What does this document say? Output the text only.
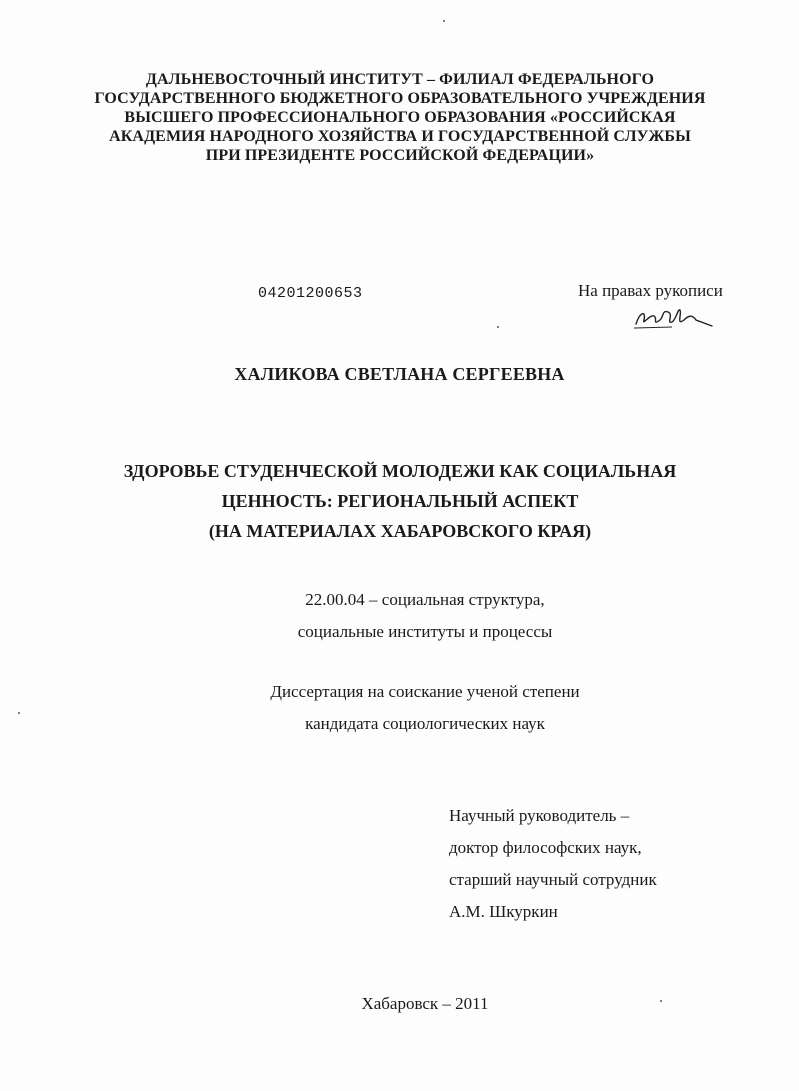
ДАЛЬНЕВОСТОЧНЫЙ ИНСТИТУТ – ФИЛИАЛ ФЕДЕРАЛЬНОГО
ГОСУДАРСТВЕННОГО БЮДЖЕТНОГО ОБРАЗОВАТЕЛЬНОГО УЧРЕЖДЕНИЯ
ВЫСШЕГО ПРОФЕССИОНАЛЬНОГО ОБРАЗОВАНИЯ «РОССИЙСКАЯ
АКАДЕМИЯ НАРОДНОГО ХОЗЯЙСТВА И ГОСУДАРСТВЕННОЙ СЛУЖБЫ
ПРИ ПРЕЗИДЕНТЕ РОССИЙСКОЙ ФЕДЕРАЦИИ»
04201200653	На правах рукописи
ХАЛИКОВА СВЕТЛАНА СЕРГЕЕВНА
ЗДОРОВЬЕ СТУДЕНЧЕСКОЙ МОЛОДЕЖИ КАК СОЦИАЛЬНАЯ
ЦЕННОСТЬ: РЕГИОНАЛЬНЫЙ АСПЕКТ
(НА МАТЕРИАЛАХ ХАБАРОВСКОГО КРАЯ)
22.00.04 – социальная структура,
социальные институты и процессы
Диссертация на соискание ученой степени
кандидата социологических наук
Научный руководитель –
доктор философских наук,
старший научный сотрудник
А.М. Шкуркин
Хабаровск – 2011
